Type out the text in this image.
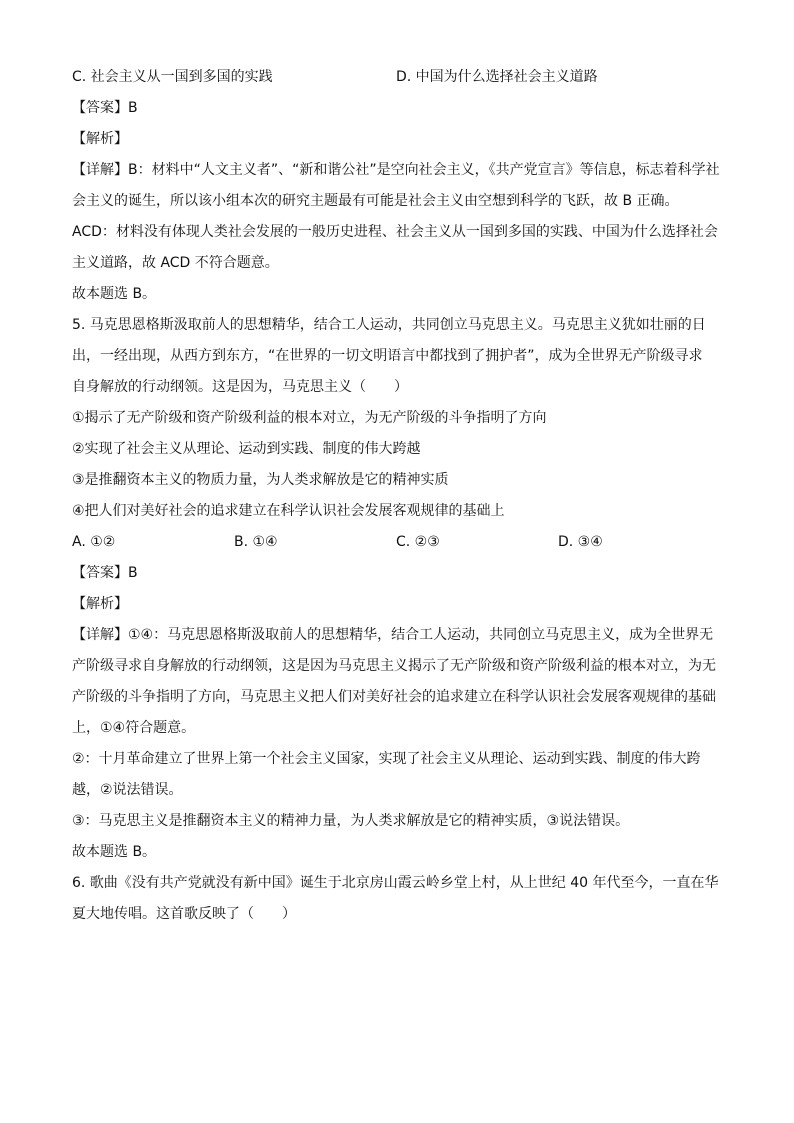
C. 社会主义从一国到多国的实践	D. 中国为什么选择社会主义道路
【答案】B
【解析】
【详解】B：材料中“人文主义者”、“新和谐公社”是空向社会主义，《共产党宣言》等信息，标志着科学社
会主义的诞生，所以该小组本次的研究主题最有可能是社会主义由空想到科学的飞跃，故 B 正确。
ACD：材料没有体现人类社会发展的一般历史进程、社会主义从一国到多国的实践、中国为什么选择社会
主义道路，故 ACD 不符合题意。
故本题选 B。
5. 马克思恩格斯汲取前人的思想精华，结合工人运动，共同创立马克思主义。马克思主义犹如壮丽的日
出，一经出现，从西方到东方，“在世界的一切文明语言中都找到了拥护者”，成为全世界无产阶级寻求
自身解放的行动纲领。这是因为，马克思主义（　　）
①揭示了无产阶级和资产阶级利益的根本对立，为无产阶级的斗争指明了方向
②实现了社会主义从理论、运动到实践、制度的伟大跨越
③是推翻资本主义的物质力量，为人类求解放是它的精神实质
④把人们对美好社会的追求建立在科学认识社会发展客观规律的基础上
A. ①②	B. ①④	C. ②③	D. ③④
【答案】B
【解析】
【详解】①④：马克思恩格斯汲取前人的思想精华，结合工人运动，共同创立马克思主义，成为全世界无
产阶级寻求自身解放的行动纲领，这是因为马克思主义揭示了无产阶级和资产阶级利益的根本对立，为无
产阶级的斗争指明了方向，马克思主义把人们对美好社会的追求建立在科学认识社会发展客观规律的基础
上，①④符合题意。
②：十月革命建立了世界上第一个社会主义国家，实现了社会主义从理论、运动到实践、制度的伟大跨
越，②说法错误。
③：马克思主义是推翻资本主义的精神力量，为人类求解放是它的精神实质，③说法错误。
故本题选 B。
6. 歌曲《没有共产党就没有新中国》诞生于北京房山霞云岭乡堂上村，从上世纪 40 年代至今，一直在华
夏大地传唱。这首歌反映了（　　）
